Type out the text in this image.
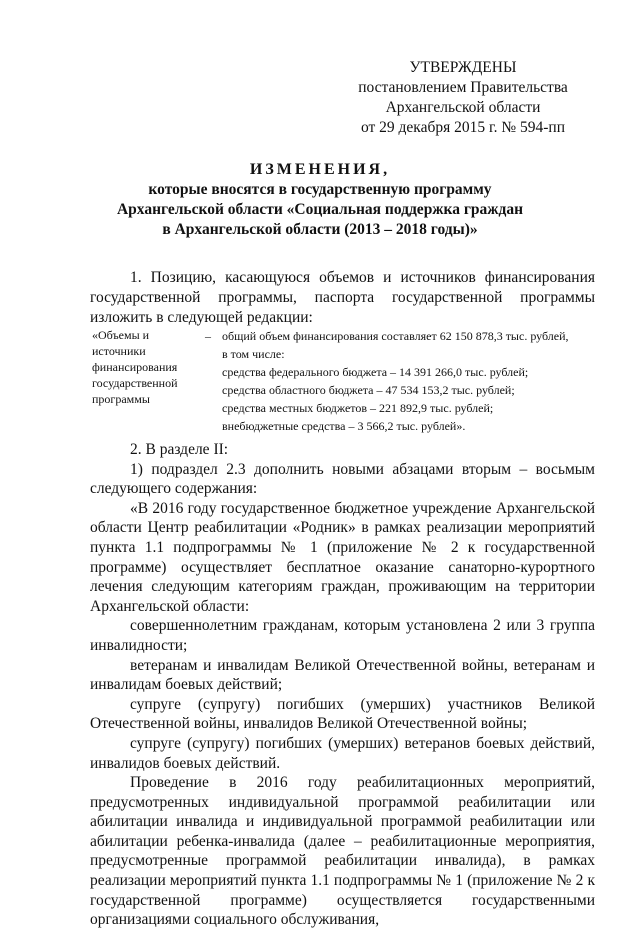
УТВЕРЖДЕНЫ
постановлением Правительства
Архангельской области
от 29 декабря 2015 г. № 594-пп
ИЗМЕНЕНИЯ,
которые вносятся в государственную программу
Архангельской области «Социальная поддержка граждан
в Архангельской области (2013 – 2018 годы)»

1. Позицию, касающуюся объемов и источников финансирования государственной программы, паспорта государственной программы изложить в следующей редакции:

«Объемы и источники финансирования государственной программы
– общий объем финансирования составляет 62 150 878,3 тыс. рублей,
в том числе:
средства федерального бюджета – 14 391 266,0 тыс. рублей;
средства областного бюджета – 47 534 153,2 тыс. рублей;
средства местных бюджетов – 221 892,9 тыс. рублей;
внебюджетные средства – 3 566,2 тыс. рублей».

2. В разделе II:

1) подраздел 2.3 дополнить новыми абзацами вторым – восьмым следующего содержания:

«В 2016 году государственное бюджетное учреждение Архангельской области Центр реабилитации «Родник» в рамках реализации мероприятий пункта 1.1 подпрограммы № 1 (приложение № 2 к государственной программе) осуществляет бесплатное оказание санаторно-курортного лечения следующим категориям граждан, проживающим на территории Архангельской области:

совершеннолетним гражданам, которым установлена 2 или 3 группа инвалидности;

ветеранам и инвалидам Великой Отечественной войны, ветеранам и инвалидам боевых действий;

супруге (супругу) погибших (умерших) участников Великой Отечественной войны, инвалидов Великой Отечественной войны;

супруге (супругу) погибших (умерших) ветеранов боевых действий, инвалидов боевых действий.

Проведение в 2016 году реабилитационных мероприятий, предусмотренных индивидуальной программой реабилитации или абилитации инвалида и индивидуальной программой реабилитации или абилитации ребенка-инвалида (далее – реабилитационные мероприятия, предусмотренные программой реабилитации инвалида), в рамках реализации мероприятий пункта 1.1 подпрограммы № 1 (приложение № 2 к государственной программе) осуществляется государственными организациями социального обслуживания,
